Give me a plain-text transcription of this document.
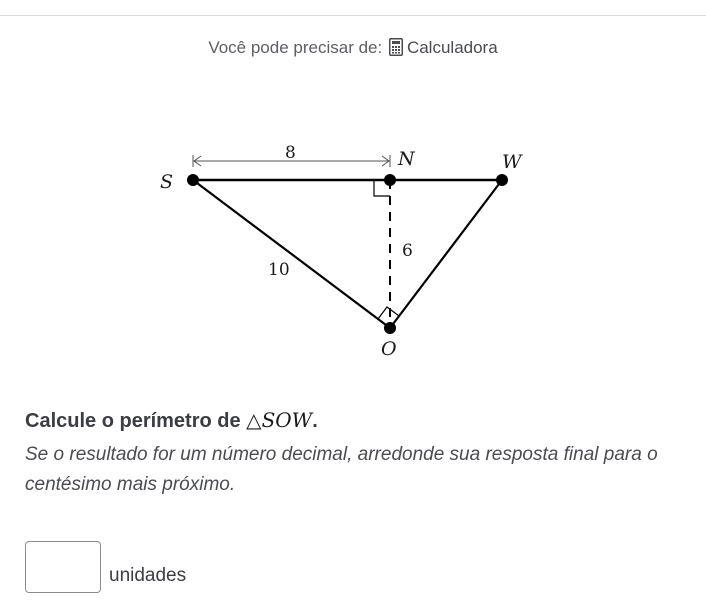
Você pode precisar de: Calculadora
S
N	W
O
8
6
10
Calcule o perímetro de △SOW.
Se o resultado for um número decimal, arredonde sua resposta final para o centésimo mais próximo.
unidades
